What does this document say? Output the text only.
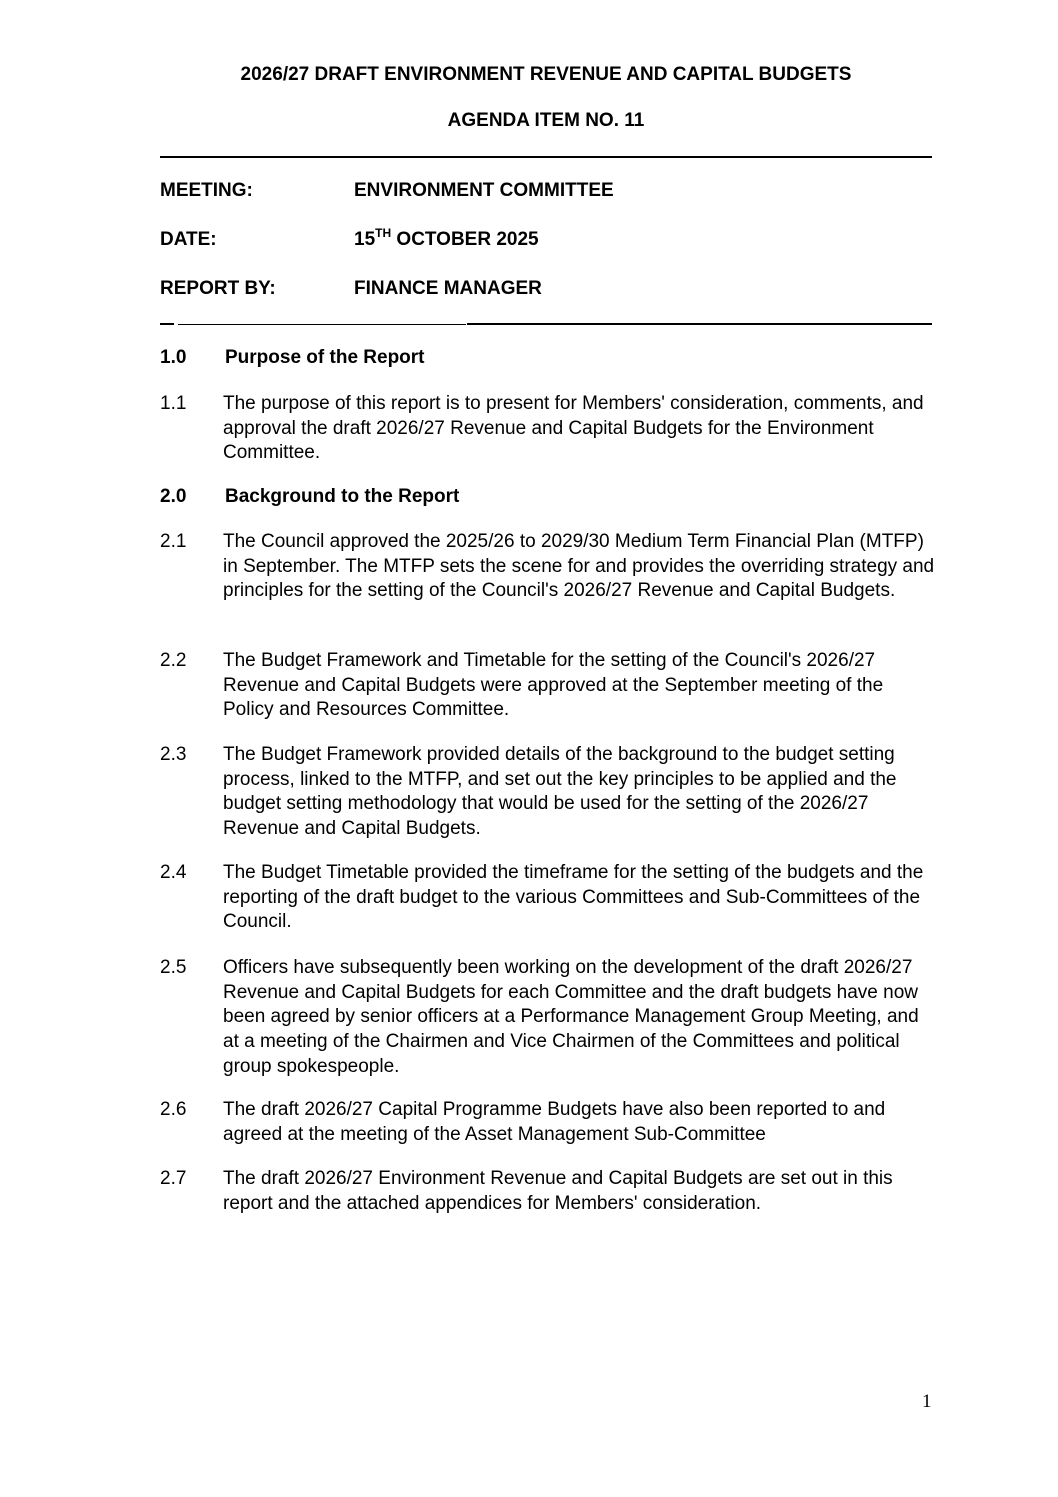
2026/27 DRAFT ENVIRONMENT REVENUE AND CAPITAL BUDGETS
AGENDA ITEM NO. 11
MEETING:	ENVIRONMENT COMMITTEE
DATE:	15TH OCTOBER 2025
REPORT BY:	FINANCE MANAGER
1.0 Purpose of the Report
1.1 The purpose of this report is to present for Members' consideration, comments, and approval the draft 2026/27 Revenue and Capital Budgets for the Environment Committee.
2.0 Background to the Report
2.1 The Council approved the 2025/26 to 2029/30 Medium Term Financial Plan (MTFP) in September. The MTFP sets the scene for and provides the overriding strategy and principles for the setting of the Council's 2026/27 Revenue and Capital Budgets.
2.2 The Budget Framework and Timetable for the setting of the Council's 2026/27 Revenue and Capital Budgets were approved at the September meeting of the Policy and Resources Committee.
2.3 The Budget Framework provided details of the background to the budget setting process, linked to the MTFP, and set out the key principles to be applied and the budget setting methodology that would be used for the setting of the 2026/27 Revenue and Capital Budgets.
2.4 The Budget Timetable provided the timeframe for the setting of the budgets and the reporting of the draft budget to the various Committees and Sub-Committees of the Council.
2.5 Officers have subsequently been working on the development of the draft 2026/27 Revenue and Capital Budgets for each Committee and the draft budgets have now been agreed by senior officers at a Performance Management Group Meeting, and at a meeting of the Chairmen and Vice Chairmen of the Committees and political group spokespeople.
2.6 The draft 2026/27 Capital Programme Budgets have also been reported to and agreed at the meeting of the Asset Management Sub-Committee
2.7 The draft 2026/27 Environment Revenue and Capital Budgets are set out in this report and the attached appendices for Members' consideration.
1
